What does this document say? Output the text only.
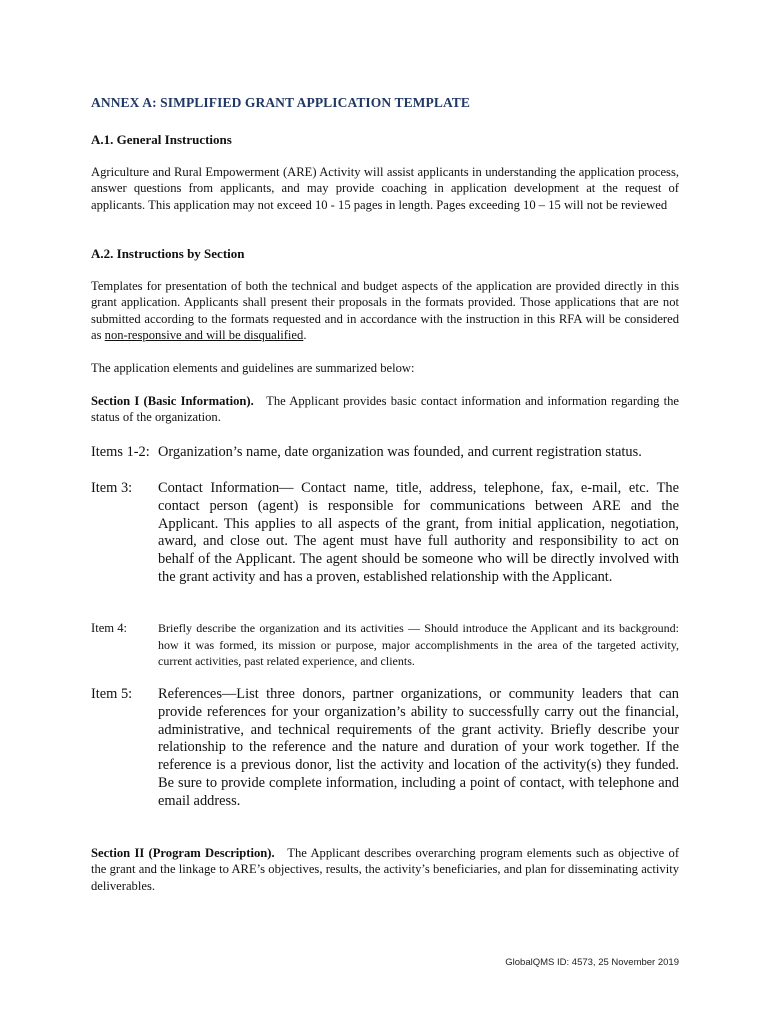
ANNEX A: SIMPLIFIED GRANT APPLICATION TEMPLATE
A.1. General Instructions

Agriculture and Rural Empowerment (ARE) Activity will assist applicants in understanding the application process, answer questions from applicants, and may provide coaching in application development at the request of applicants. This application may not exceed 10 - 15 pages in length. Pages exceeding 10 – 15 will not be reviewed

A.2. Instructions by Section

Templates for presentation of both the technical and budget aspects of the application are provided directly in this grant application. Applicants shall present their proposals in the formats provided. Those applications that are not submitted according to the formats requested and in accordance with the instruction in this RFA will be considered as non-responsive and will be disqualified.

The application elements and guidelines are summarized below:

Section I (Basic Information). The Applicant provides basic contact information and information regarding the status of the organization.

Items 1-2: Organization’s name, date organization was founded, and current registration status.
Item 3: Contact Information— Contact name, title, address, telephone, fax, e-mail, etc. The contact person (agent) is responsible for communications between ARE and the Applicant. This applies to all aspects of the grant, from initial application, negotiation, award, and close out. The agent must have full authority and responsibility to act on behalf of the Applicant. The agent should be someone who will be directly involved with the grant activity and has a proven, established relationship with the Applicant.
Item 4:	Briefly describe the organization and its activities — Should introduce the Applicant and its background: how it was formed, its mission or purpose, major accomplishments in the area of the targeted activity, current activities, past related experience, and clients.
Item 5: References—List three donors, partner organizations, or community leaders that can provide references for your organization’s ability to successfully carry out the financial, administrative, and technical requirements of the grant activity. Briefly describe your relationship to the reference and the nature and duration of your work together. If the reference is a previous donor, list the activity and location of the activity(s) they funded. Be sure to provide complete information, including a point of contact, with telephone and email address.

Section II (Program Description). The Applicant describes overarching program elements such as objective of the grant and the linkage to ARE’s objectives, results, the activity’s beneficiaries, and plan for disseminating activity deliverables.

GlobalQMS ID: 4573, 25 November 2019
